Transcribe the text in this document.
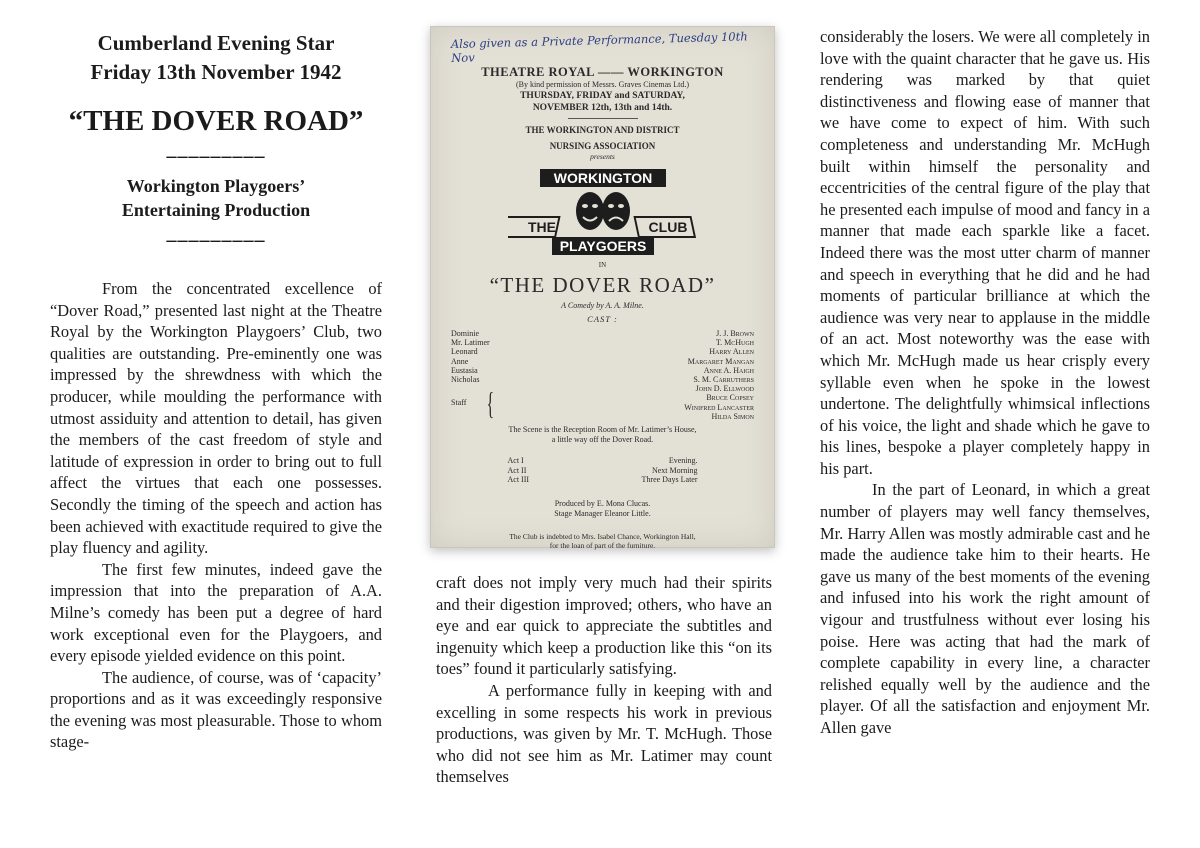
Cumberland Evening Star
Friday 13th November 1942
“THE DOVER ROAD”
_________
Workington Playgoers’
Entertaining Production
_________

From the concentrated excellence of “Dover Road,” presented last night at the Theatre Royal by the Workington Playgoers’ Club, two qualities are outstanding. Pre-eminently one was impressed by the shrewdness with which the producer, while moulding the performance with utmost assiduity and attention to detail, has given the members of the cast freedom of style and latitude of expression in order to bring out to full affect the virtues that each one possesses. Secondly the timing of the speech and action has been achieved with exactitude required to give the play fluency and agility.

The first few minutes, indeed gave the impression that into the preparation of A.A. Milne’s comedy has been put a degree of hard work exceptional even for the Playgoers, and every episode yielded evidence on this point.

The audience, of course, was of ‘capacity’ proportions and as it was exceedingly responsive the evening was most pleasurable. Those to whom stage-

Also given as a Private Performance, Tuesday 10th Nov
THEATRE ROYAL —— WORKINGTON
(By kind permission of Messrs. Graves Cinemas Ltd.)
THURSDAY, FRIDAY and SATURDAY,
NOVEMBER 12th, 13th and 14th.
THE WORKINGTON AND DISTRICT
NURSING ASSOCIATION
presents
WORKINGTON
THE	CLUB
PLAYGOERS
IN
“THE DOVER ROAD”
A Comedy by A. A. Milne.
CAST :
Dominie	J. J. Brown
Mr. Latimer	T. McHugh
Leonard	Harry Allen
Anne	Margaret Mangan
Eustasia	Anne A. Haigh
Nicholas	S. M. Carruthers
Staff {	John D. Ellwood
Bruce Copsey
Winifred Lancaster
Hilda Simon
The Scene is the Reception Room of Mr. Latimer’s House,
a little way off the Dover Road.
Act I	Evening.
Act II	Next Morning
Act III	Three Days Later
Produced by E. Mona Clucas.
Stage Manager Eleanor Little.
The Club is indebted to Mrs. Isabel Chance, Workington Hall,
for the loan of part of the furniture.

craft does not imply very much had their spirits and their digestion improved; others, who have an eye and ear quick to appreciate the subtitles and ingenuity which keep a production like this “on its toes” found it particularly satisfying.

A performance fully in keeping with and excelling in some respects his work in previous productions, was given by Mr. T. McHugh. Those who did not see him as Mr. Latimer may count themselves

considerably the losers. We were all completely in love with the quaint character that he gave us. His rendering was marked by that quiet distinctiveness and flowing ease of manner that we have come to expect of him. With such completeness and understanding Mr. McHugh built within himself the personality and eccentricities of the central figure of the play that he presented each impulse of mood and fancy in a manner that made each sparkle like a facet. Indeed there was the most utter charm of manner and speech in everything that he did and he had moments of particular brilliance at which the audience was very near to applause in the middle of an act. Most noteworthy was the ease with which Mr. McHugh made us hear crisply every syllable even when he spoke in the lowest undertone. The delightfully whimsical inflections of his voice, the light and shade which he gave to his lines, bespoke a player completely happy in his part.

In the part of Leonard, in which a great number of players may well fancy themselves, Mr. Harry Allen was mostly admirable cast and he made the audience take him to their hearts. He gave us many of the best moments of the evening and infused into his work the right amount of vigour and trustfulness without ever losing his poise. Here was acting that had the mark of complete capability in every line, a character relished equally well by the audience and the player. Of all the satisfaction and enjoyment Mr. Allen gave
